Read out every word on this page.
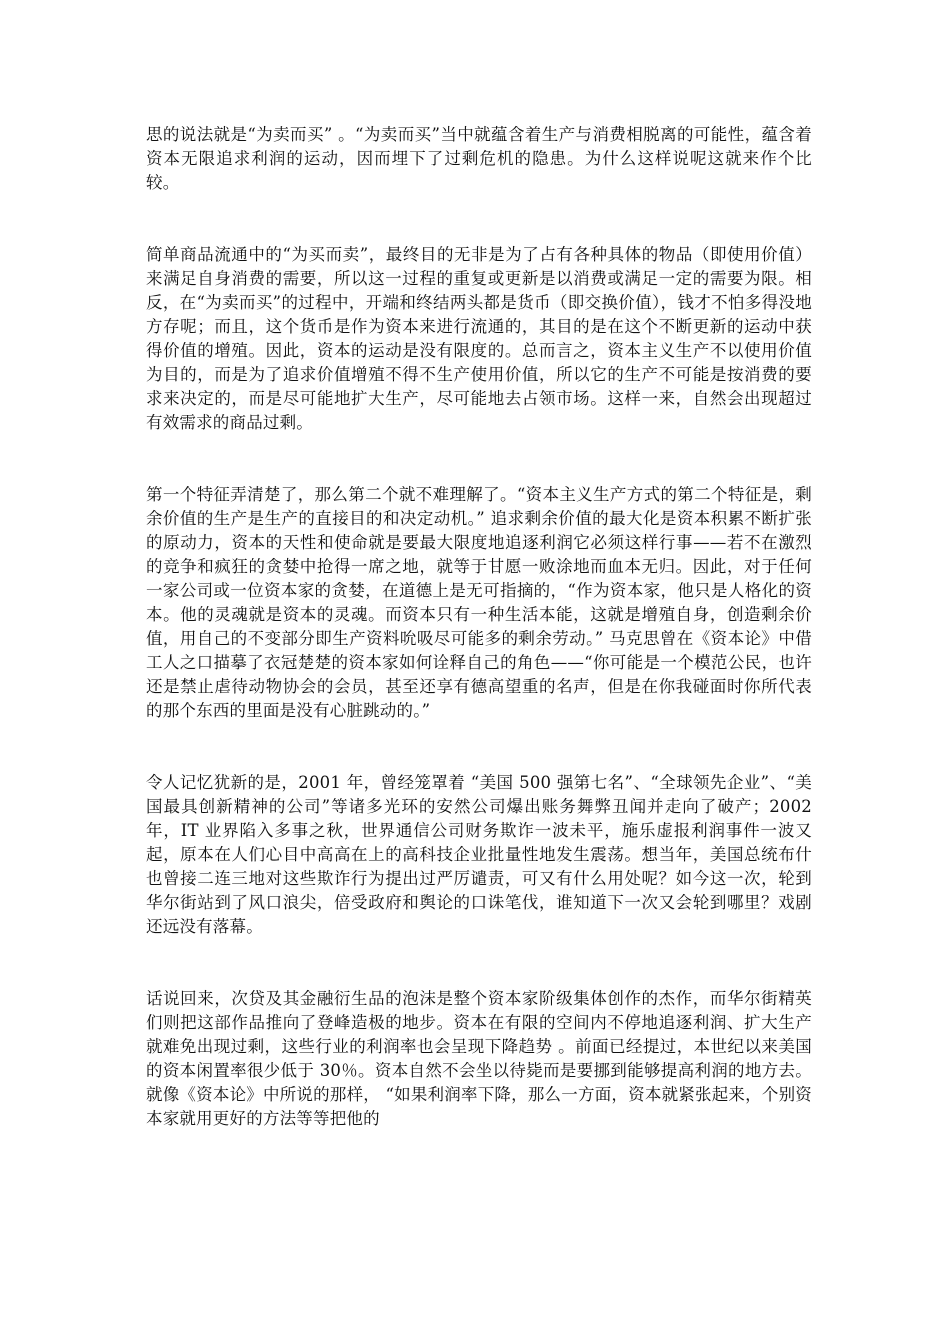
思的说法就是“为卖而买” 。“为卖而买”当中就蕴含着生产与消费相脱离的可能性，蕴含着资本无限追求利润的运动，因而埋下了过剩危机的隐患。为什么这样说呢这就来作个比较。

简单商品流通中的“为买而卖”，最终目的无非是为了占有各种具体的物品（即使用价值）来满足自身消费的需要，所以这一过程的重复或更新是以消费或满足一定的需要为限。相反，在“为卖而买”的过程中，开端和终结两头都是货币（即交换价值），钱才不怕多得没地方存呢；而且，这个货币是作为资本来进行流通的，其目的是在这个不断更新的运动中获得价值的增殖。因此，资本的运动是没有限度的。总而言之，资本主义生产不以使用价值为目的，而是为了追求价值增殖不得不生产使用价值，所以它的生产不可能是按消费的要求来决定的，而是尽可能地扩大生产，尽可能地去占领市场。这样一来，自然会出现超过有效需求的商品过剩。

第一个特征弄清楚了，那么第二个就不难理解了。“资本主义生产方式的第二个特征是，剩余价值的生产是生产的直接目的和决定动机。” 追求剩余价值的最大化是资本积累不断扩张的原动力，资本的天性和使命就是要最大限度地追逐利润它必须这样行事——若不在激烈的竞争和疯狂的贪婪中抢得一席之地，就等于甘愿一败涂地而血本无归。因此，对于任何一家公司或一位资本家的贪婪，在道德上是无可指摘的，“作为资本家，他只是人格化的资本。他的灵魂就是资本的灵魂。而资本只有一种生活本能，这就是增殖自身，创造剩余价值，用自己的不变部分即生产资料吮吸尽可能多的剩余劳动。” 马克思曾在《资本论》中借工人之口描摹了衣冠楚楚的资本家如何诠释自己的角色——“你可能是一个模范公民，也许还是禁止虐待动物协会的会员，甚至还享有德高望重的名声，但是在你我碰面时你所代表的那个东西的里面是没有心脏跳动的。”

令人记忆犹新的是，2001 年，曾经笼罩着 “美国 500 强第七名”、“全球领先企业”、“美国最具创新精神的公司”等诸多光环的安然公司爆出账务舞弊丑闻并走向了破产；2002 年，IT 业界陷入多事之秋，世界通信公司财务欺诈一波未平，施乐虚报利润事件一波又起，原本在人们心目中高高在上的高科技企业批量性地发生震荡。想当年，美国总统布什也曾接二连三地对这些欺诈行为提出过严厉谴责，可又有什么用处呢？如今这一次，轮到华尔街站到了风口浪尖，倍受政府和舆论的口诛笔伐，谁知道下一次又会轮到哪里？戏剧还远没有落幕。

话说回来，次贷及其金融衍生品的泡沫是整个资本家阶级集体创作的杰作，而华尔街精英们则把这部作品推向了登峰造极的地步。资本在有限的空间内不停地追逐利润、扩大生产就难免出现过剩，这些行业的利润率也会呈现下降趋势 。前面已经提过，本世纪以来美国的资本闲置率很少低于 30％。资本自然不会坐以待毙而是要挪到能够提高利润的地方去。就像《资本论》中所说的那样， “如果利润率下降，那么一方面，资本就紧张起来，个别资本家就用更好的方法等等把他的
